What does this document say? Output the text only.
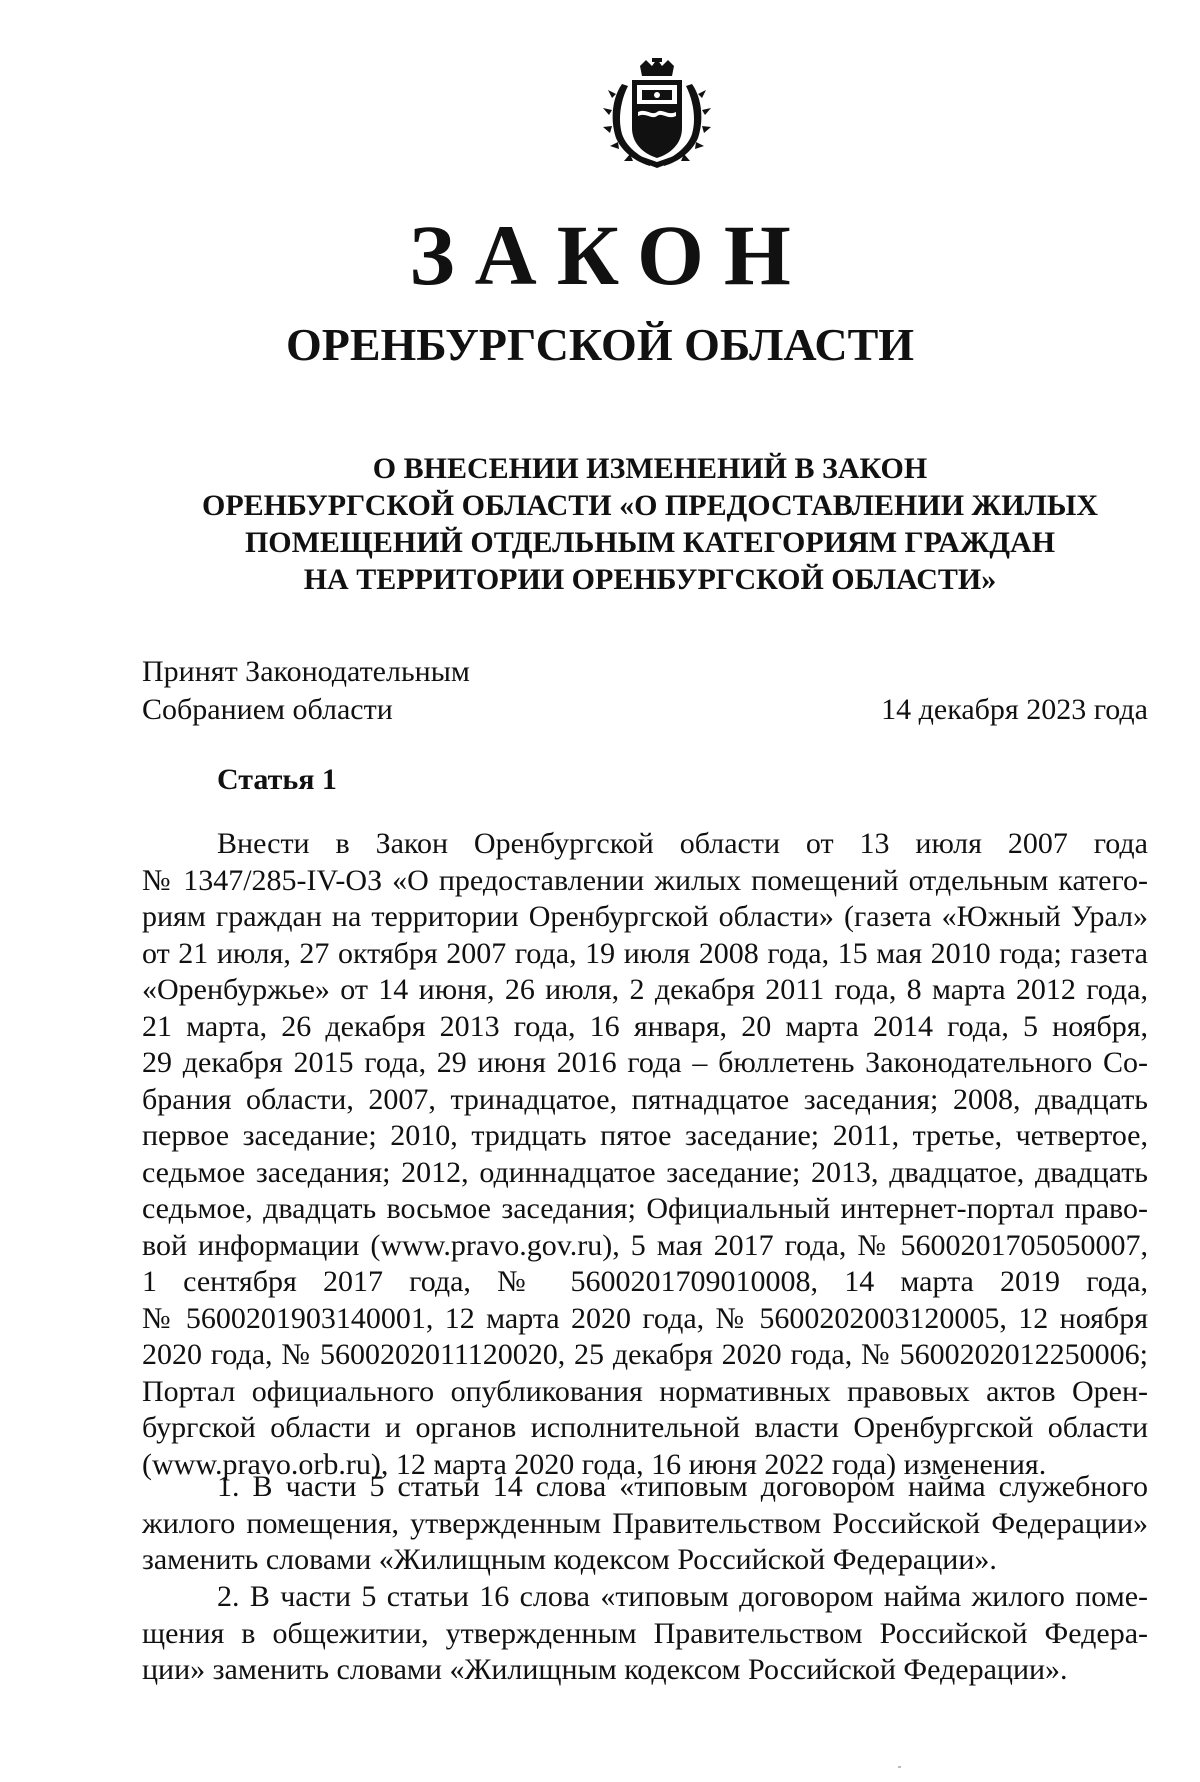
ЗАКОН
ОРЕНБУРГСКОЙ ОБЛАСТИ
О ВНЕСЕНИИ ИЗМЕНЕНИЙ В ЗАКОН
ОРЕНБУРГСКОЙ ОБЛАСТИ «О ПРЕДОСТАВЛЕНИИ ЖИЛЫХ
ПОМЕЩЕНИЙ ОТДЕЛЬНЫМ КАТЕГОРИЯМ ГРАЖДАН
НА ТЕРРИТОРИИ ОРЕНБУРГСКОЙ ОБЛАСТИ»
Принят Законодательным
Собранием области	14 декабря 2023 года
Статья 1
Внести в Закон Оренбургской области от 13 июля 2007 года
№ 1347/285-IV-ОЗ «О предоставлении жилых помещений отдельным катего-
риям граждан на территории Оренбургской области» (газета «Южный Урал»
от 21 июля, 27 октября 2007 года, 19 июля 2008 года, 15 мая 2010 года; газета
«Оренбуржье» от 14 июня, 26 июля, 2 декабря 2011 года, 8 марта 2012 года,
21 марта, 26 декабря 2013 года, 16 января, 20 марта 2014 года, 5 ноября,
29 декабря 2015 года, 29 июня 2016 года – бюллетень Законодательного Со-
брания области, 2007, тринадцатое, пятнадцатое заседания; 2008, двадцать
первое заседание; 2010, тридцать пятое заседание; 2011, третье, четвертое,
седьмое заседания; 2012, одиннадцатое заседание; 2013, двадцатое, двадцать
седьмое, двадцать восьмое заседания; Официальный интернет-портал право-
вой информации (www.pravo.gov.ru), 5 мая 2017 года, № 5600201705050007,
1 сентября 2017 года, № 5600201709010008, 14 марта 2019 года,
№ 5600201903140001, 12 марта 2020 года, № 5600202003120005, 12 ноября
2020 года, № 5600202011120020, 25 декабря 2020 года, № 5600202012250006;
Портал официального опубликования нормативных правовых актов Орен-
бургской области и органов исполнительной власти Оренбургской области
(www.pravo.orb.ru), 12 марта 2020 года, 16 июня 2022 года) изменения.
1. В части 5 статьи 14 слова «типовым договором найма служебного
жилого помещения, утвержденным Правительством Российской Федерации»
заменить словами «Жилищным кодексом Российской Федерации».
2. В части 5 статьи 16 слова «типовым договором найма жилого поме-
щения в общежитии, утвержденным Правительством Российской Федера-
ции» заменить словами «Жилищным кодексом Российской Федерации».
